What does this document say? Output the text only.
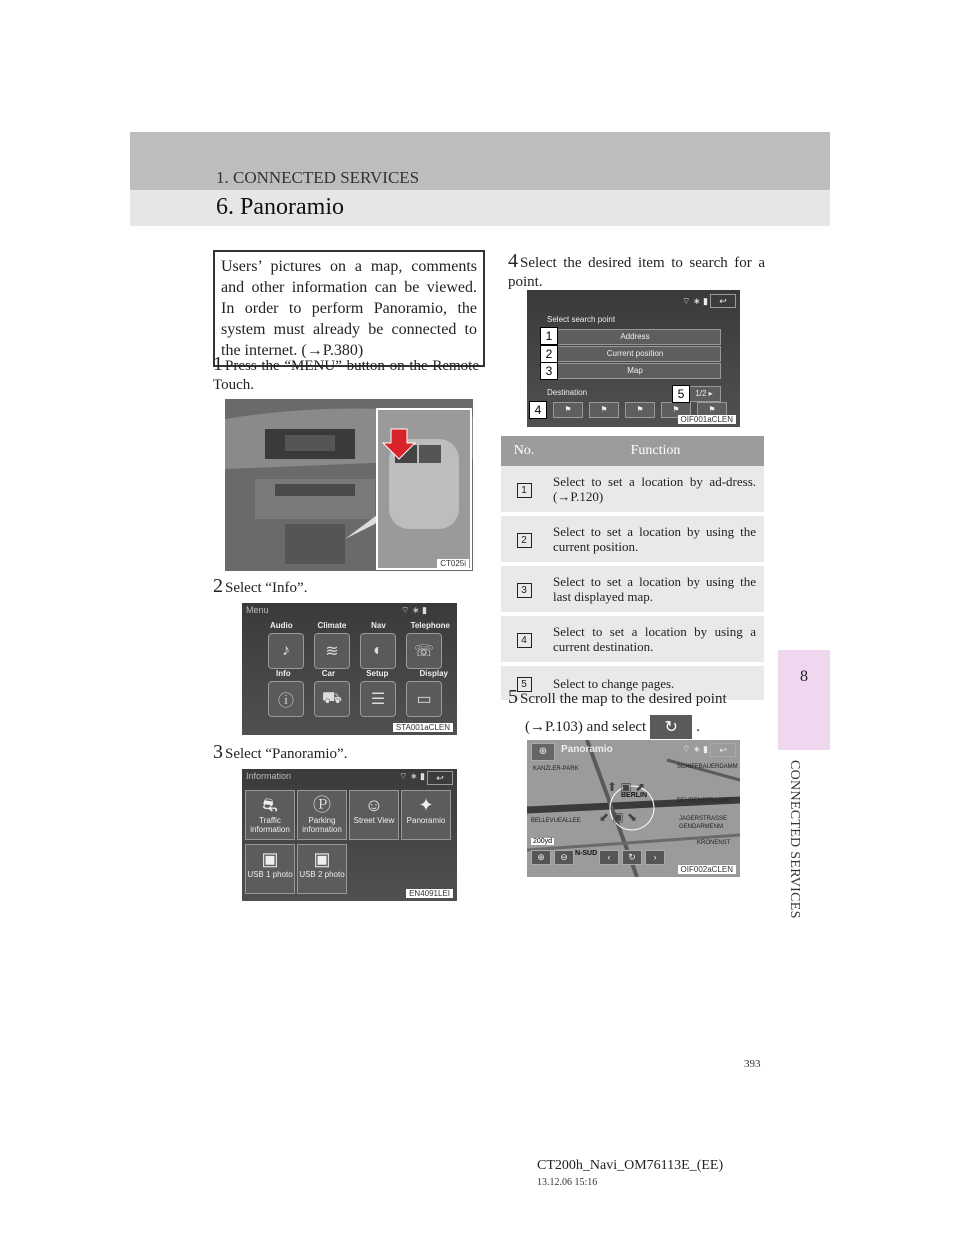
1. CONNECTED SERVICES
6. Panoramio
8
CONNECTED SERVICES
Users’ pictures on a map, comments and other information can be viewed. In order to perform Panoramio, the system must already be connected to the internet. (→P.380)
1 Press the “MENU” button on the Remote Touch.
CT025i
2 Select “Info”.
Menu	⌔ ∗ ▮
Audio	Climate	Nav	Telephone
♪	≋	◐	☏
Info	Car	Setup	Display
ⓘ	⛟	☰	▭
STA001aCLEN
3 Select “Panoramio”.
Information	⌔ ∗ ▮	↩
⛐
Traffic information
Ⓟ
Parking information
☺
Street View
✦
Panoramio
▣
USB 1 photo
▣
USB 2 photo
EN4091LEI
4 Select the desired item to search for a point.
Select search point
⌔ ∗ ▮	↩
Address
Current position
Map
Destination	1/2 ▸
⚑	⚑	⚑	⚑	⚑
1
2
3
4
5
OIF001aCLEN
No.	Function
1	Select to set a location by ad-dress. (→P.120)
2	Select to set a location by using the current position.
3	Select to set a location by using the last displayed map.
4	Select to set a location by using a current destination.
5	Select to change pages.
5 Scroll the map to the desired point
(→P.103) and select	↻	.
⊕	Panoramio	⌔ ∗ ▮	↩
KANZLER-PARK
BERLIN
SCHIFFBAUERDAMM
BEHRENSTRASSE
JAGERSTRASSE
GENDARMENM
KRONENST
BELLEVUEALLEE
N-SUD
⬆ ▣ ⬈
⬋ ▣ ⬊
200yd
⊕	⊖	‹	↻	›
OIF002aCLEN
393
CT200h_Navi_OM76113E_(EE)
13.12.06 15:16
